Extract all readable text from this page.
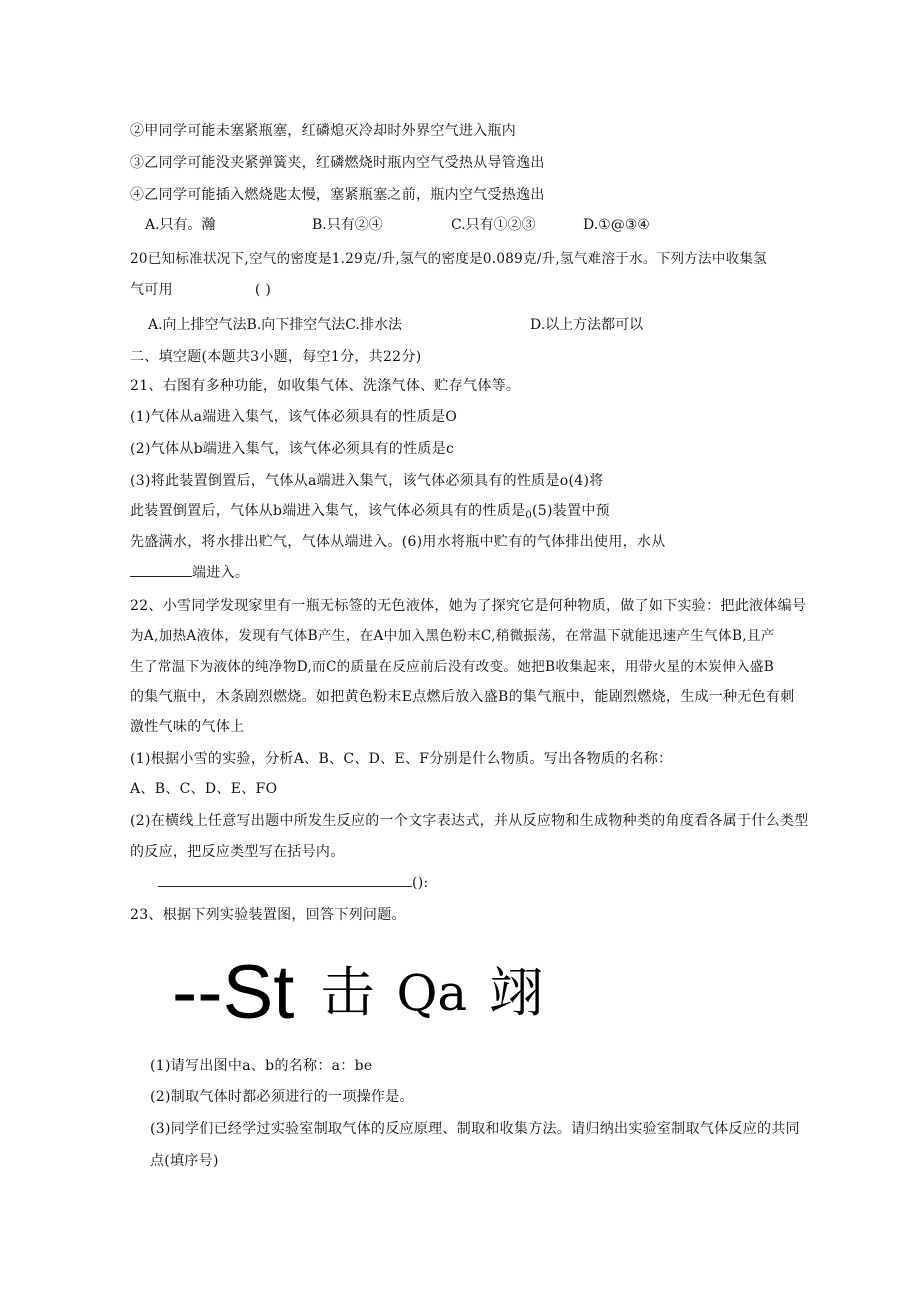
②甲同学可能未塞紧瓶塞，红磷熄灭冷却时外界空气进入瓶内
③乙同学可能没夹紧弹簧夹，红磷燃烧时瓶内空气受热从导管逸出
④乙同学可能插入燃烧匙太慢，塞紧瓶塞之前，瓶内空气受热逸出
A.只有。瀚	B.只有②④	C.只有①②③	D.①@③④
20已知标准状况下,空气的密度是1.29克/升,氢气的密度是0.089克/升,氢气难溶于水。下列方法中收集氢
气可用	( )
A.向上排空气法B.向下排空气法C.排水法	D.以上方法都可以
二、填空题(本题共3小题，每空1分，共22分)
21、右图有多种功能，如收集气体、洗涤气体、贮存气体等。
(1)气体从a端进入集气，该气体必须具有的性质是O
(2)气体从b端进入集气，该气体必须具有的性质是c
(3)将此装置倒置后，气体从a端进入集气，该气体必须具有的性质是o(4)将
此装置倒置后，气体从b端进入集气，该气体必须具有的性质是$_0$(5)装置中预
先盛满水，将水排出贮气，气体从端进入。(6)用水将瓶中贮有的气体排出使用，水从
端进入。
22、小雪同学发现家里有一瓶无标签的无色液体，她为了探究它是何种物质，做了如下实验：把此液体编号
为A,加热A液体，发现有气体B产生，在A中加入黑色粉末C,稍微振荡，在常温下就能迅速产生气体B,且产
生了常温下为液体的纯净物D,而C的质量在反应前后没有改变。她把B收集起来，用带火星的木炭伸入盛B
的集气瓶中，木条剧烈燃烧。如把黄色粉末E点燃后放入盛B的集气瓶中，能剧烈燃烧，生成一种无色有刺
激性气味的气体上
(1)根据小雪的实验，分析A、B、C、D、E、F分别是什么物质。写出各物质的名称：
A、B、C、D、E、FO
(2)在横线上任意写出题中所发生反应的一个文字表达式，并从反应物和生成物种类的角度看各属于什么类型
的反应，把反应类型写在括号内。
():
23、根据下列实验装置图，回答下列问题。
--St 击 Qa 翊
(1)请写出图中a、b的名称：a：be
(2)制取气体时都必须进行的一项操作是。
(3)同学们已经学过实验室制取气体的反应原理、制取和收集方法。请归纳出实验室制取气体反应的共同
点(填序号)
